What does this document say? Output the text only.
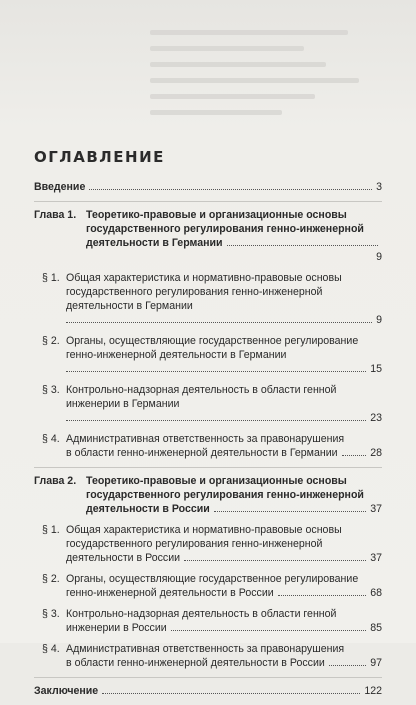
ОГЛАВЛЕНИЕ
Введение	3
Глава 1. Теоретико-правовые и организационные основы
государственного регулирования генно-инженерной
деятельности в Германии
9
§ 1. Общая характеристика и нормативно-правовые основы
государственного регулирования генно-инженерной
деятельности в Германии
9
§ 2. Органы, осуществляющие государственное регулирование
генно-инженерной деятельности в Германии
15
§ 3. Контрольно-надзорная деятельность в области генной
инженерии в Германии
23
§ 4. Административная ответственность за правонарушения
в области генно-инженерной деятельности в Германии	28
Глава 2. Теоретико-правовые и организационные основы
государственного регулирования генно-инженерной
деятельности в России	37
§ 1. Общая характеристика и нормативно-правовые основы
государственного регулирования генно-инженерной
деятельности в России	37
§ 2. Органы, осуществляющие государственное регулирование
генно-инженерной деятельности в России	68
§ 3. Контрольно-надзорная деятельность в области генной
инженерии в России	85
§ 4. Административная ответственность за правонарушения
в области генно-инженерной деятельности в России	97
Заключение	122
